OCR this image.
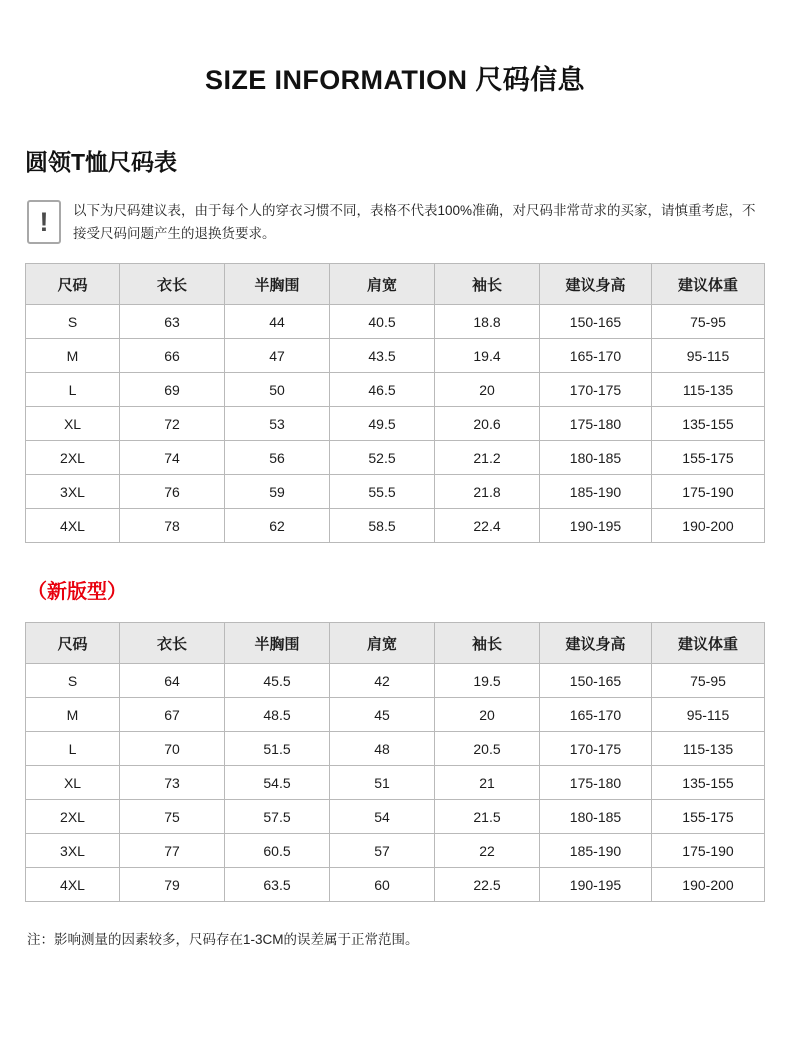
SIZE INFORMATION 尺码信息
圆领T恤尺码表
!	以下为尺码建议表，由于每个人的穿衣习惯不同，表格不代表100%准确，对尺码非常苛求的买家，请慎重考虑，不接受尺码问题产生的退换货要求。
尺码	衣长	半胸围	肩宽	袖长	建议身高	建议体重
S	63	44	40.5	18.8	150-165	75-95
M	66	47	43.5	19.4	165-170	95-115
L	69	50	46.5	20	170-175	115-135
XL	72	53	49.5	20.6	175-180	135-155
2XL	74	56	52.5	21.2	180-185	155-175
3XL	76	59	55.5	21.8	185-190	175-190
4XL	78	62	58.5	22.4	190-195	190-200
（新版型）
尺码	衣长	半胸围	肩宽	袖长	建议身高	建议体重
S	64	45.5	42	19.5	150-165	75-95
M	67	48.5	45	20	165-170	95-115
L	70	51.5	48	20.5	170-175	115-135
XL	73	54.5	51	21	175-180	135-155
2XL	75	57.5	54	21.5	180-185	155-175
3XL	77	60.5	57	22	185-190	175-190
4XL	79	63.5	60	22.5	190-195	190-200
注：影响测量的因素较多，尺码存在1-3CM的误差属于正常范围。
